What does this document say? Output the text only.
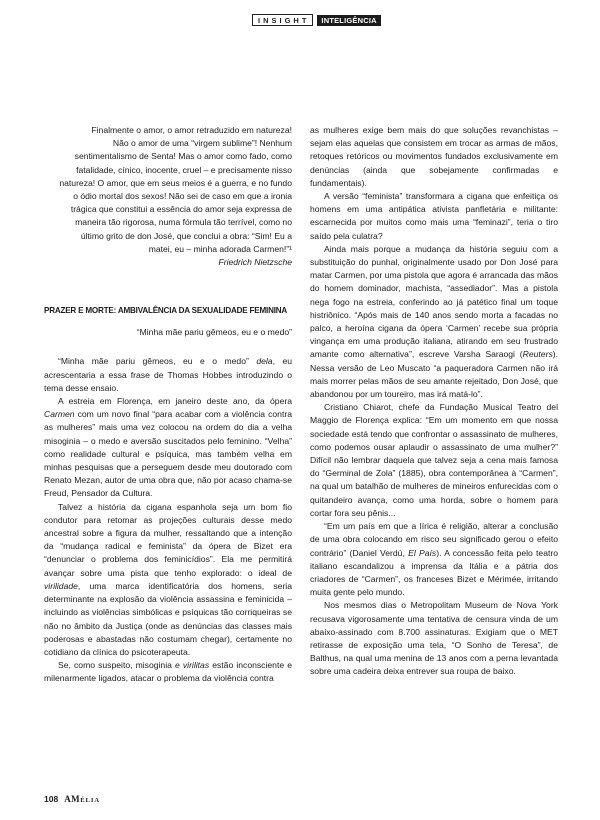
INSIGHT	INTELIGÊNCIA
Finalmente o amor, o amor retraduzido em natureza!
Não o amor de uma “virgem sublime”! Nenhum
sentimentalismo de Senta! Mas o amor como fado, como
fatalidade, cínico, inocente, cruel – e precisamente nisso
natureza! O amor, que em seus meios é a guerra, e no fundo
o ódio mortal dos sexos! Não sei de caso em que a ironia
trágica que constitui a essência do amor seja expressa de
maneira tão rigorosa, numa fórmula tão terrível, como no
último grito de don José, que conclui a obra: “Sim! Eu a
matei, eu – minha adorada Carmen!”¹
Friedrich Nietzsche
PRAZER E MORTE: AMBIVALÊNCIA DA SEXUALIDADE FEMININA
“Minha mãe pariu gêmeos, eu e o medo”

“Minha mãe pariu gêmeos, eu e o medo” dela, eu acrescentaria a essa frase de Thomas Hobbes introduzindo o tema desse ensaio.

A estreia em Florença, em janeiro deste ano, da ópera Carmen com um novo final “para acabar com a violência contra as mulheres” mais uma vez colocou na ordem do dia a velha misoginia – o medo e aversão suscitados pelo feminino. “Velha” como realidade cultural e psíquica, mas também velha em minhas pesquisas que a perseguem desde meu doutorado com Renato Mezan, autor de uma obra que, não por acaso chama-se Freud, Pensador da Cultura.

Talvez a história da cigana espanhola seja um bom fio condutor para retomar as projeções culturais desse medo ancestral sobre a figura da mulher, ressaltando que a intenção da “mudança radical e feminista” da ópera de Bizet era “denunciar o problema dos feminicídios”. Ela me permitirá avançar sobre uma pista que tenho explorado: o ideal de virilidade, uma marca identificatória dos homens, seria determinante na explosão da violência assassina e feminicida – incluindo as violências simbólicas e psíquicas tão corriqueiras se não no âmbito da Justiça (onde as denúncias das classes mais poderosas e abastadas não costumam chegar), certamente no cotidiano da clínica do psicoterapeuta.

Se, como suspeito, misoginia e virilitas estão inconsciente e milenarmente ligados, atacar o problema da violência contra

as mulheres exige bem mais do que soluções revanchistas – sejam elas aquelas que consistem em trocar as armas de mãos, retoques retóricos ou movimentos fundados exclusivamente em denúncias (ainda que sobejamente confirmadas e fundamentais).

A versão “feminista” transformara a cigana que enfeitiça os homens em uma antipática ativista panfletária e militante: escarnecida por muitos como mais uma “feminazi”, teria o tiro saído pela culatra?

Ainda mais porque a mudança da história seguiu com a substituição do punhal, originalmente usado por Don José para matar Carmen, por uma pistola que agora é arrancada das mãos do homem dominador, machista, “assediador”. Mas a pistola nega fogo na estreia, conferindo ao já patético final um toque histriônico. “Após mais de 140 anos sendo morta a facadas no palco, a heroína cigana da ópera ‘Carmen’ recebe sua própria vingança em uma produção italiana, atirando em seu frustrado amante como alternativa”, escreve Varsha Saraogi (Reuters). Nessa versão de Leo Muscato “a paqueradora Carmen não irá mais morrer pelas mãos de seu amante rejeitado, Don José, que abandonou por um toureiro, mas irá matá-lo”.

Cristiano Chiarot, chefe da Fundação Musical Teatro del Maggio de Florença explica: “Em um momento em que nossa sociedade está tendo que confrontar o assassinato de mulheres, como podemos ousar aplaudir o assassinato de uma mulher?” Difícil não lembrar daquela que talvez seja a cena mais famosa do “Germinal de Zola” (1885), obra contemporânea à “Carmen”, na qual um batalhão de mulheres de mineiros enfurecidas com o quitandeiro avança, como uma horda, sobre o homem para cortar fora seu pênis...

“Em um país em que a lírica é religião, alterar a conclusão de uma obra colocando em risco seu significado gerou o efeito contrário” (Daniel Verdú, El País). A concessão feita pelo teatro italiano escandalizou a imprensa da Itália e a pátria dos criadores de “Carmen”, os franceses Bizet e Mérimée, irritando muita gente pelo mundo.

Nos mesmos dias o Metropolitam Museum de Nova York recusava vigorosamente uma tentativa de censura vinda de um abaixo-assinado com 8.700 assinaturas. Exigiam que o MET retirasse de exposição uma tela, “O Sonho de Teresa”, de Balthus, na qual uma menina de 13 anos com a perna levantada sobre uma cadeira deixa entrever sua roupa de baixo.

108 AMÉLIA
